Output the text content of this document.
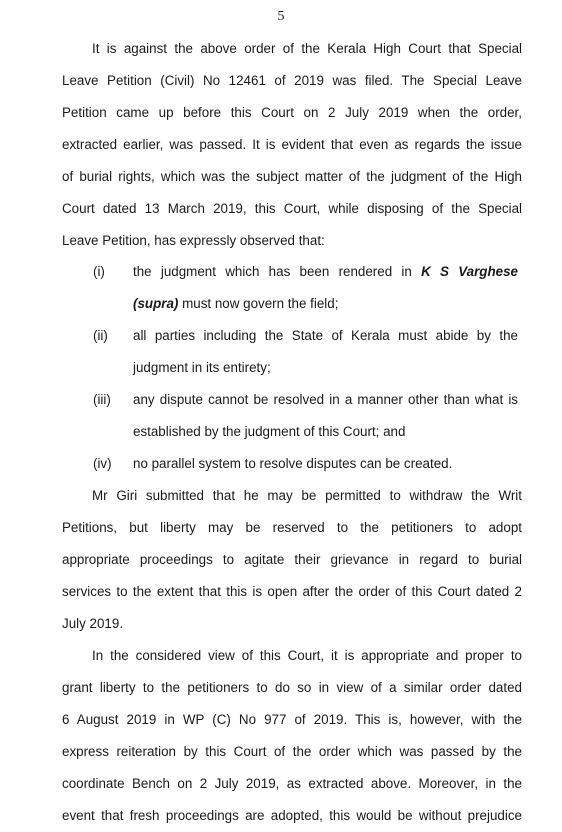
5
It is against the above order of the Kerala High Court that Special
Leave Petition (Civil) No 12461 of 2019 was filed. The Special Leave
Petition came up before this Court on 2 July 2019 when the order,
extracted earlier, was passed. It is evident that even as regards the issue
of burial rights, which was the subject matter of the judgment of the High
Court dated 13 March 2019, this Court, while disposing of the Special
Leave Petition, has expressly observed that:
(i)	the judgment which has been rendered in K S Varghese
(supra) must now govern the field;
(ii)	all parties including the State of Kerala must abide by the
judgment in its entirety;
(iii)	any dispute cannot be resolved in a manner other than what is
established by the judgment of this Court; and
(iv)	no parallel system to resolve disputes can be created.
Mr Giri submitted that he may be permitted to withdraw the Writ
Petitions, but liberty may be reserved to the petitioners to adopt
appropriate proceedings to agitate their grievance in regard to burial
services to the extent that this is open after the order of this Court dated 2
July 2019.
In the considered view of this Court, it is appropriate and proper to
grant liberty to the petitioners to do so in view of a similar order dated
6 August 2019 in WP (C) No 977 of 2019. This is, however, with the
express reiteration by this Court of the order which was passed by the
coordinate Bench on 2 July 2019, as extracted above. Moreover, in the
event that fresh proceedings are adopted, this would be without prejudice
